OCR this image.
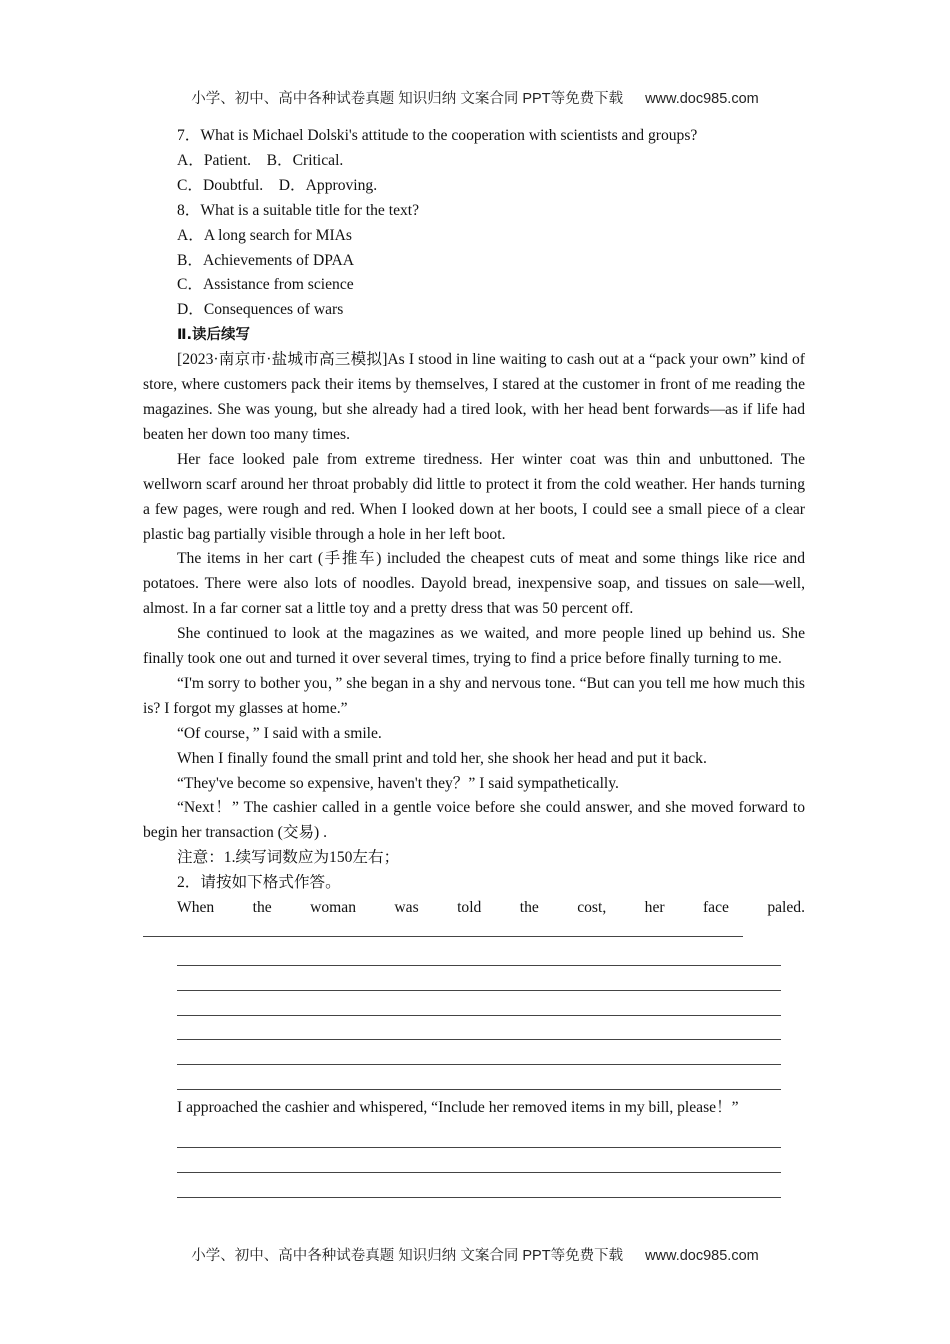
小学、初中、高中各种试卷真题 知识归纳 文案合同 PPT等免费下载 www.doc985.com

7．What is Michael Dolski's attitude to the cooperation with scientists and groups?

A．Patient.    B．Critical.

C．Doubtful.    D．Approving.

8．What is a suitable title for the text?

A．A long search for MIAs

B．Achievements of DPAA

C．Assistance from science

D．Consequences of wars

Ⅱ.读后续写

[2023·南京市·盐城市高三模拟]As I stood in line waiting to cash out at a “pack your own” kind of store, where customers pack their items by themselves, I stared at the customer in front of me reading the magazines. She was young, but she already had a tired look, with her head bent forwards—as if life had beaten her down too many times.

Her face looked pale from extreme tiredness. Her winter coat was thin and unbuttoned. The wellworn scarf around her throat probably did little to protect it from the cold weather. Her hands turning a few pages, were rough and red. When I looked down at her boots, I could see a small piece of a clear plastic bag partially visible through a hole in her left boot.

The items in her cart (手推车) included the cheapest cuts of meat and some things like rice and potatoes. There were also lots of noodles. Dayold bread, inexpensive soap, and tissues on sale—well, almost. In a far corner sat a little toy and a pretty dress that was 50 percent off.

She continued to look at the magazines as we waited, and more people lined up behind us. She finally took one out and turned it over several times, trying to find a price before finally turning to me.

“I'm sorry to bother you，” she began in a shy and nervous tone. “But can you tell me how much this is? I forgot my glasses at home.”

“Of course，” I said with a smile.

When I finally found the small print and told her, she shook her head and put it back.

“They've become so expensive, haven't they？” I said sympathetically.

“Next！” The cashier called in a gentle voice before she could answer, and she moved forward to begin her transaction (交易) .

注意：1.续写词数应为150左右；

2．请按如下格式作答。

When the woman was told the cost, her face paled.

I approached the cashier and whispered, “Include her removed items in my bill, please！”

小学、初中、高中各种试卷真题 知识归纳 文案合同 PPT等免费下载 www.doc985.com
